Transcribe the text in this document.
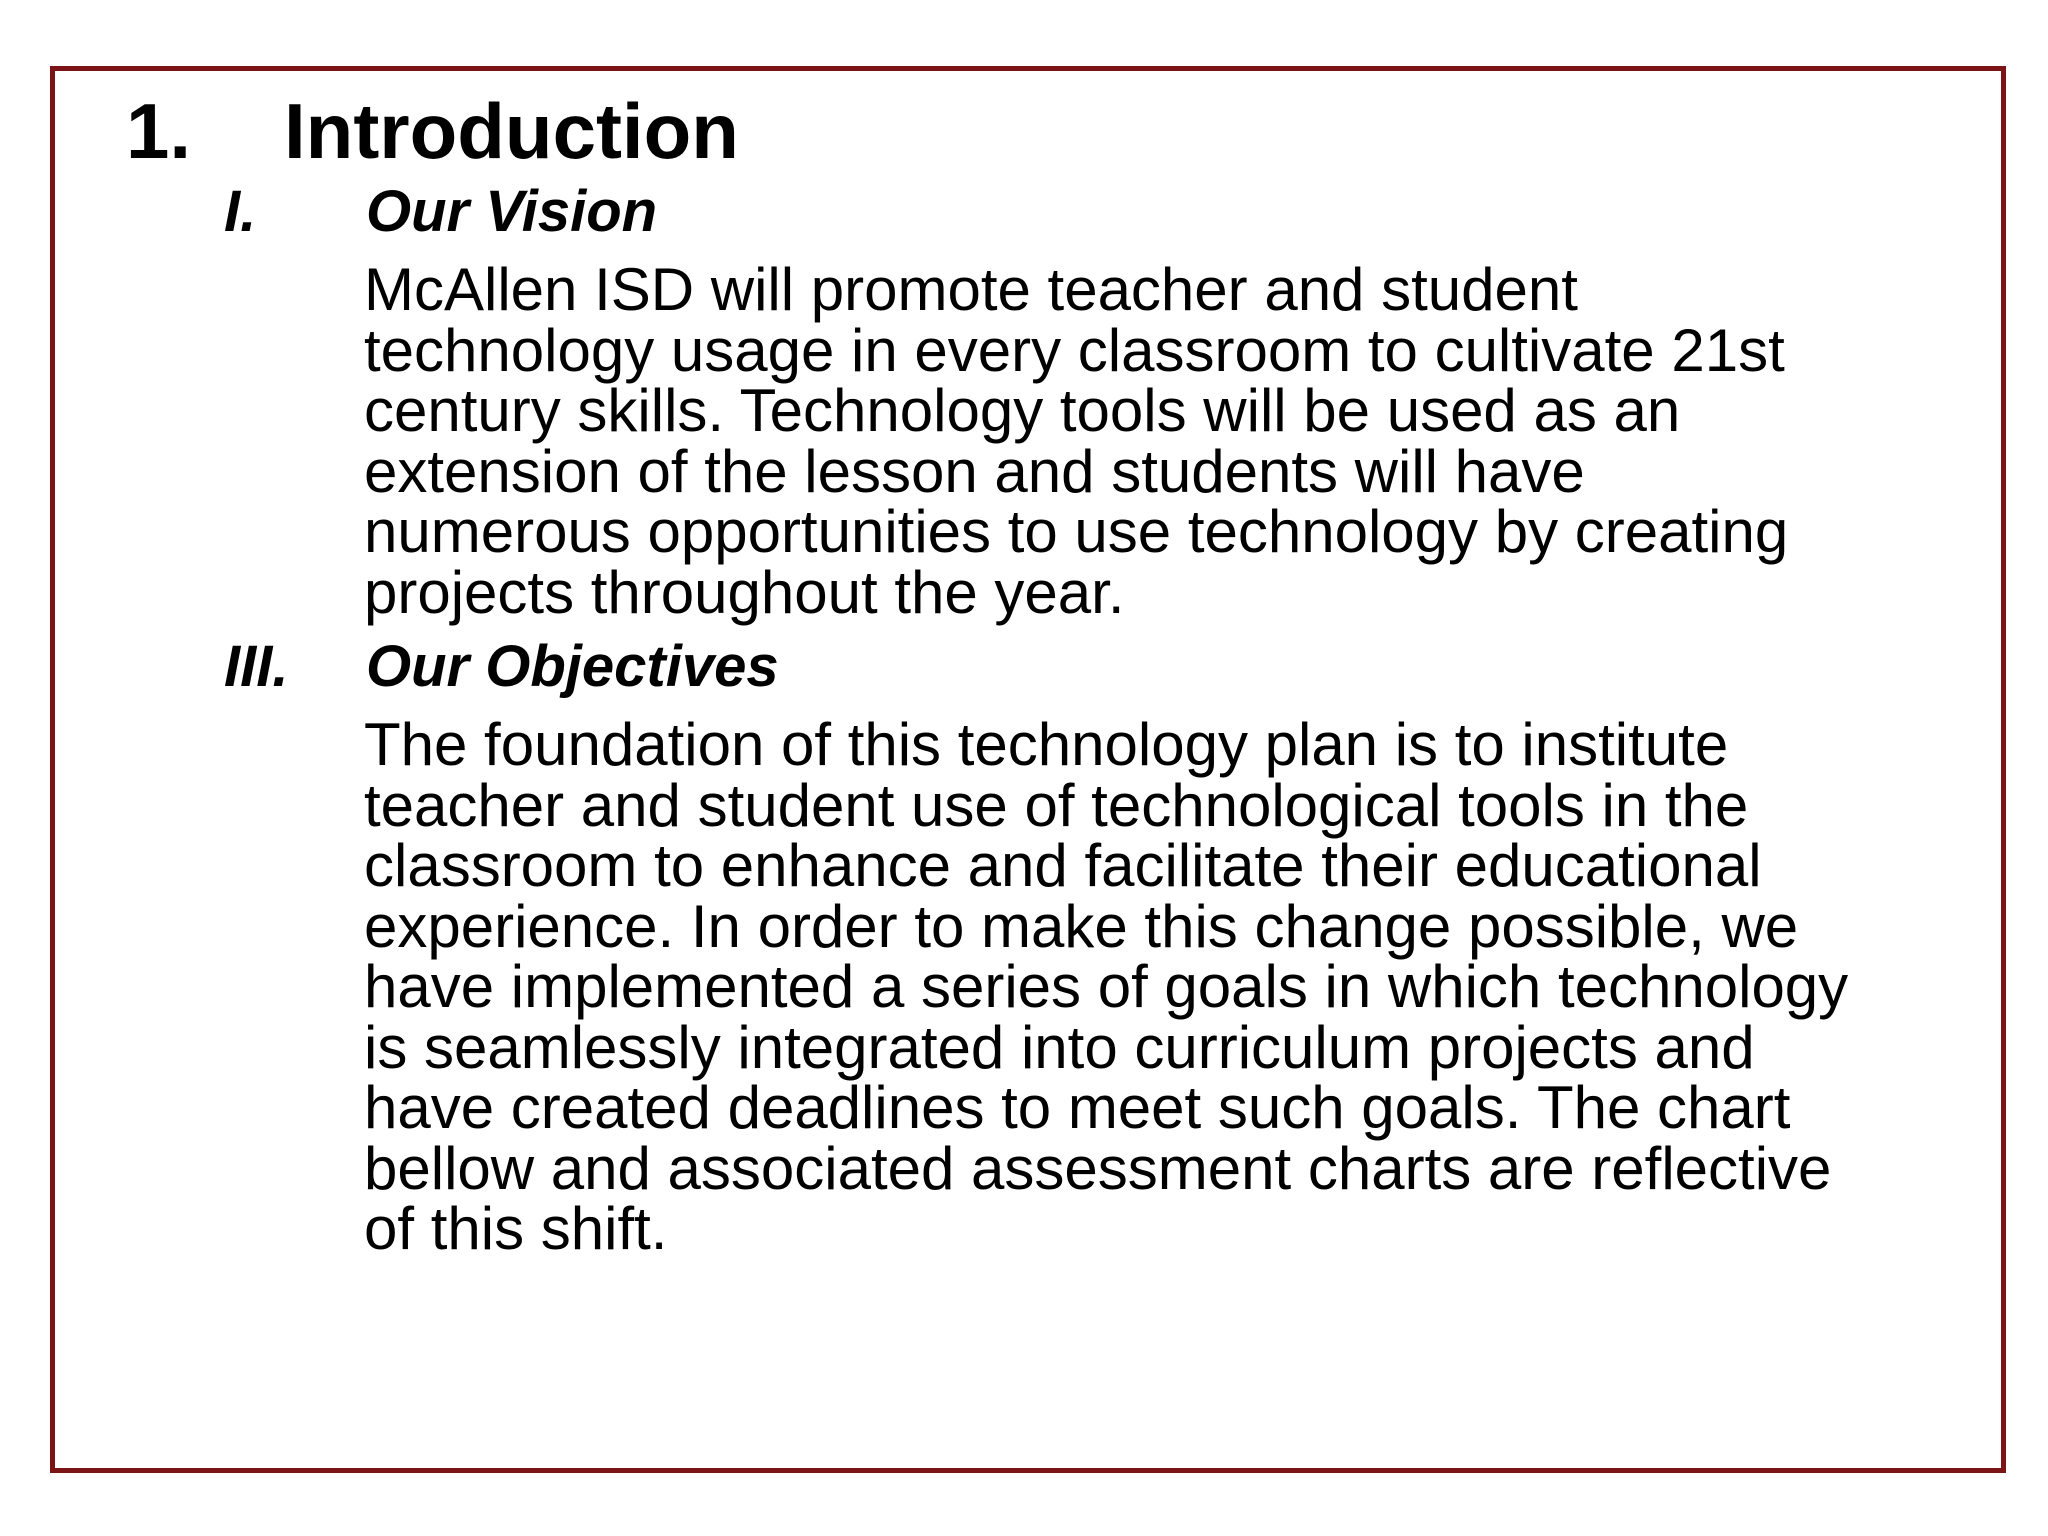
1. Introduction
I. Our Vision
McAllen ISD will promote teacher and student
technology usage in every classroom to cultivate 21st
century skills. Technology tools will be used as an
extension of the lesson and students will have
numerous opportunities to use technology by creating
projects throughout the year.
III. Our Objectives
The foundation of this technology plan is to institute
teacher and student use of technological tools in the
classroom to enhance and facilitate their educational
experience. In order to make this change possible, we
have implemented a series of goals in which technology
is seamlessly integrated into curriculum projects and
have created deadlines to meet such goals. The chart
bellow and associated assessment charts are reflective
of this shift.
